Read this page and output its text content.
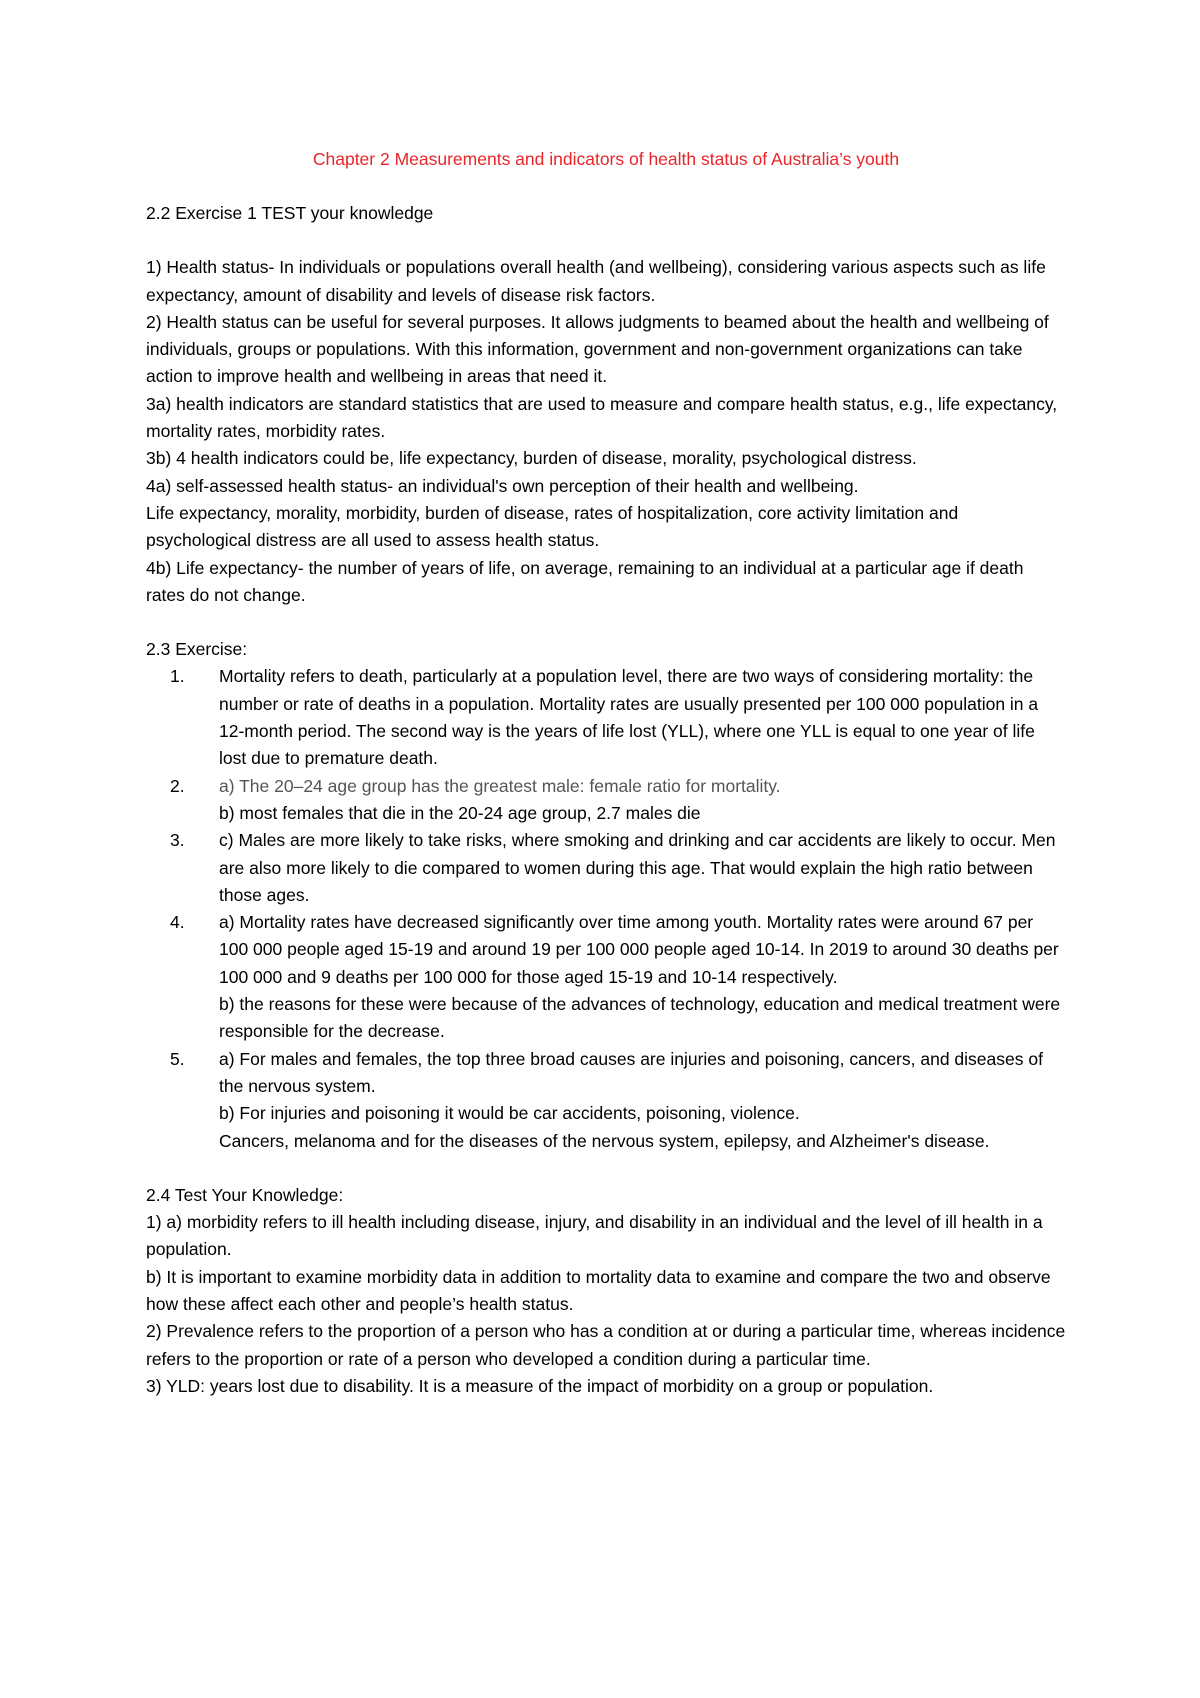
Chapter 2 Measurements and indicators of health status of Australia’s youth

2.2 Exercise 1 TEST your knowledge

1) Health status- In individuals or populations overall health (and wellbeing), considering various aspects such as life expectancy, amount of disability and levels of disease risk factors.

2) Health status can be useful for several purposes. It allows judgments to beamed about the health and wellbeing of individuals, groups or populations. With this information, government and non-government organizations can take action to improve health and wellbeing in areas that need it.

3a) health indicators are standard statistics that are used to measure and compare health status, e.g., life expectancy, mortality rates, morbidity rates.

3b) 4 health indicators could be, life expectancy, burden of disease, morality, psychological distress.

4a) self-assessed health status- an individual's own perception of their health and wellbeing.

Life expectancy, morality, morbidity, burden of disease, rates of hospitalization, core activity limitation and psychological distress are all used to assess health status.

4b) Life expectancy- the number of years of life, on average, remaining to an individual at a particular age if death rates do not change.

2.3 Exercise:

1.	Mortality refers to death, particularly at a population level, there are two ways of considering mortality: the number or rate of deaths in a population. Mortality rates are usually presented per 100 000 population in a 12-month period. The second way is the years of life lost (YLL), where one YLL is equal to one year of life lost due to premature death.

2.	a) The 20–24 age group has the greatest male: female ratio for mortality.

b) most females that die in the 20-24 age group, 2.7 males die

3.	c) Males are more likely to take risks, where smoking and drinking and car accidents are likely to occur. Men are also more likely to die compared to women during this age. That would explain the high ratio between those ages.

4.	a) Mortality rates have decreased significantly over time among youth. Mortality rates were around 67 per 100 000 people aged 15-19 and around 19 per 100 000 people aged 10-14. In 2019 to around 30 deaths per 100 000 and 9 deaths per 100 000 for those aged 15-19 and 10-14 respectively.

b) the reasons for these were because of the advances of technology, education and medical treatment were responsible for the decrease.

5.	a) For males and females, the top three broad causes are injuries and poisoning, cancers, and diseases of the nervous system.

b) For injuries and poisoning it would be car accidents, poisoning, violence.

Cancers, melanoma and for the diseases of the nervous system, epilepsy, and Alzheimer's disease.

2.4 Test Your Knowledge:

1) a) morbidity refers to ill health including disease, injury, and disability in an individual and the level of ill health in a population.

b) It is important to examine morbidity data in addition to mortality data to examine and compare the two and observe how these affect each other and people’s health status.

2) Prevalence refers to the proportion of a person who has a condition at or during a particular time, whereas incidence refers to the proportion or rate of a person who developed a condition during a particular time.

3) YLD: years lost due to disability. It is a measure of the impact of morbidity on a group or population.
